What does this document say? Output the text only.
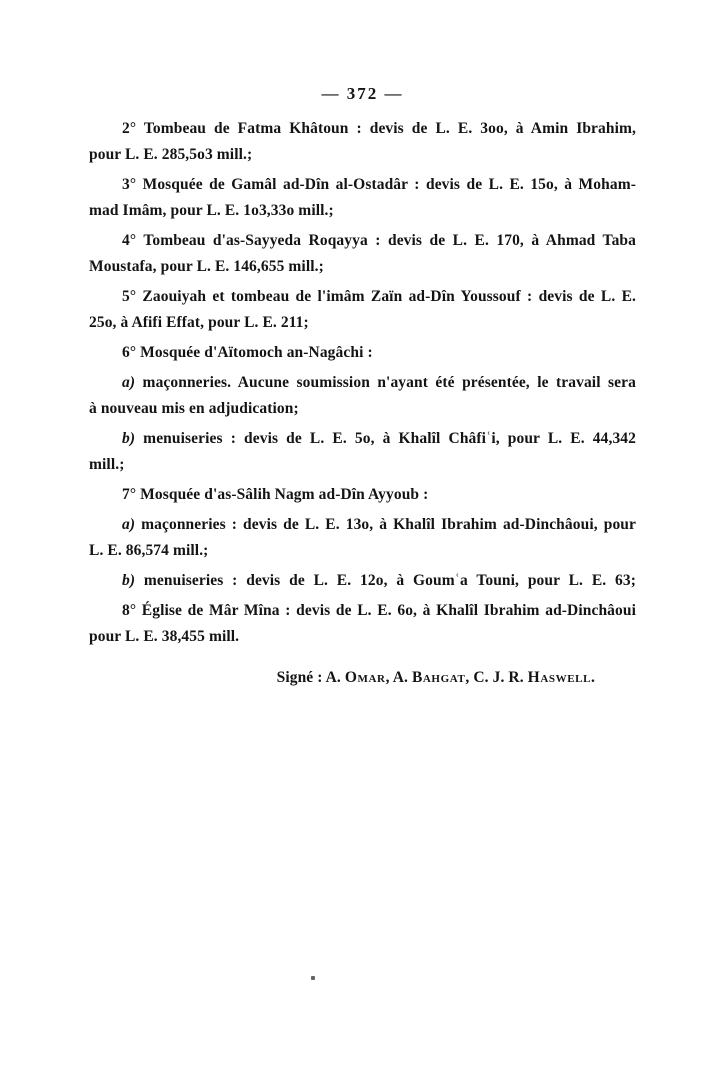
— 372 —
2° Tombeau de Fatma Khâtoun : devis de L. E. 3oo, à Amin Ibrahim,
pour L. E. 285,5o3 mill.;
3° Mosquée de Gamâl ad-Dîn al-Ostadâr : devis de L. E. 15o, à Moham-
mad Imâm, pour L. E. 1o3,33o mill.;
4° Tombeau d'as-Sayyeda Roqayya : devis de L. E. 170, à Ahmad Taba
Moustafa, pour L. E. 146,655 mill.;
5° Zaouiyah et tombeau de l'imâm Zaïn ad-Dîn Youssouf : devis de L. E.
25o, à Afifi Effat, pour L. E. 211;
6° Mosquée d'Aïtomoch an-Nagâchi :
a) maçonneries. Aucune soumission n'ayant été présentée, le travail sera
à nouveau mis en adjudication;
b) menuiseries : devis de L. E. 5o, à Khalîl Châfiʿi, pour L. E. 44,342
mill.;
7° Mosquée d'as-Sâlih Nagm ad-Dîn Ayyoub :
a) maçonneries : devis de L. E. 13o, à Khalîl Ibrahim ad-Dinchâoui, pour
L. E. 86,574 mill.;
b) menuiseries : devis de L. E. 12o, à Goumʿa Touni, pour L. E. 63;
8° Église de Mâr Mîna : devis de L. E. 6o, à Khalîl Ibrahim ad-Dinchâoui
pour L. E. 38,455 mill.
Signé : A. Omar, A. Bahgat, C. J. R. Haswell.
